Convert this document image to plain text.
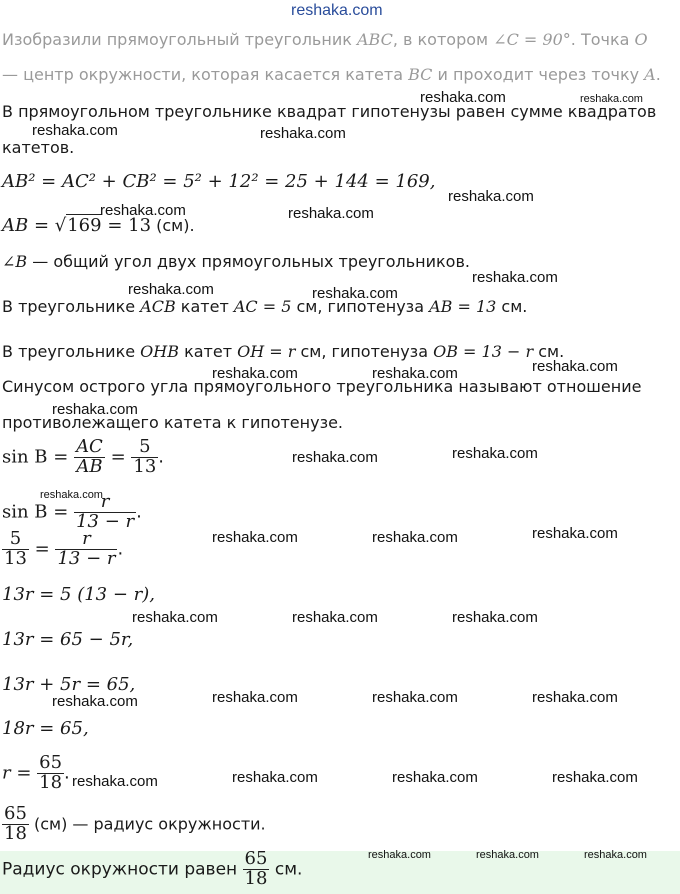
reshaka.com
Изобразили прямоугольный треугольник ABC, в котором ∠C = 90°. Точка O
— центр окружности, которая касается катета BC и проходит через точку A.
В прямоугольном треугольнике квадрат гипотенузы равен сумме квадратов
катетов.
AB² = AC² + CB² = 5² + 12² = 25 + 144 = 169,
AB = √169 = 13 (см).
∠B — общий угол двух прямоугольных треугольников.
В треугольнике ACB катет AC = 5 см, гипотенуза AB = 13 см.
В треугольнике OHB катет OH = r см, гипотенуза OB = 13 − r см.
Синусом острого угла прямоугольного треугольника называют отношение
противолежащего катета к гипотенузе.
$\sin B = \frac{AC}{AB} = \frac{5}{13}$ .
$\sin B = \frac{r}{13 - r}$ .
$\frac{5}{13} = \frac{r}{13 - r}$ .
13r = 5 (13 − r),
13r = 65 − 5r,
13r + 5r = 65,
18r = 65,
$r = \frac{65}{18}$ .
$\frac{65}{18} (см)$ — радиус окружности.
Радиус окружности равен $\frac{65}{18}$ см.
reshaka.com	reshaka.com
reshaka.com	reshaka.com
reshaka.com
reshaka.com	reshaka.com
reshaka.com
reshaka.com	reshaka.com
reshaka.com	reshaka.com	reshaka.com
reshaka.com
reshaka.com	reshaka.com
reshaka.com
reshaka.com	reshaka.com	reshaka.com
reshaka.com	reshaka.com	reshaka.com
reshaka.com	reshaka.com	reshaka.com	reshaka.com
reshaka.com	reshaka.com	reshaka.com	reshaka.com
reshaka.com	reshaka.com	reshaka.com
